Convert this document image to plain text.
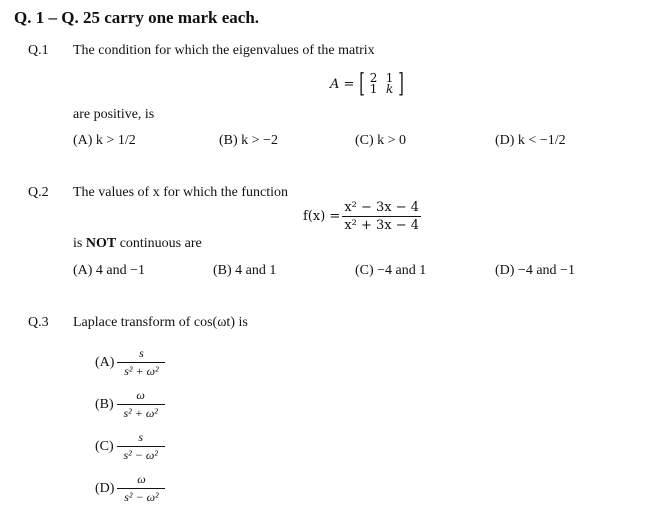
Q. 1 – Q. 25 carry one mark each.
Q.1 The condition for which the eigenvalues of the matrix
A = [ 2 1
1 k ]
are positive, is
(A) k > 1/2	(B) k > −2	(C) k > 0	(D) k < −1/2
Q.2 The values of x for which the function
$f(x) = \frac{\text{x² − 3x − 4}}{\text{x² + 3x − 4}}$
is NOT continuous are
(A) 4 and −1	(B) 4 and 1	(C) −4 and 1	(D) −4 and −1
Q.3 Laplace transform of cos(ωt) is
$(A) \frac{s}{\text{s² + ω²}}$
$(B) \frac{\omega}{\text{s² + ω²}}$
$(C) \frac{s}{\text{s² − ω²}}$
$(D) \frac{\omega}{\text{s² − ω²}}$
